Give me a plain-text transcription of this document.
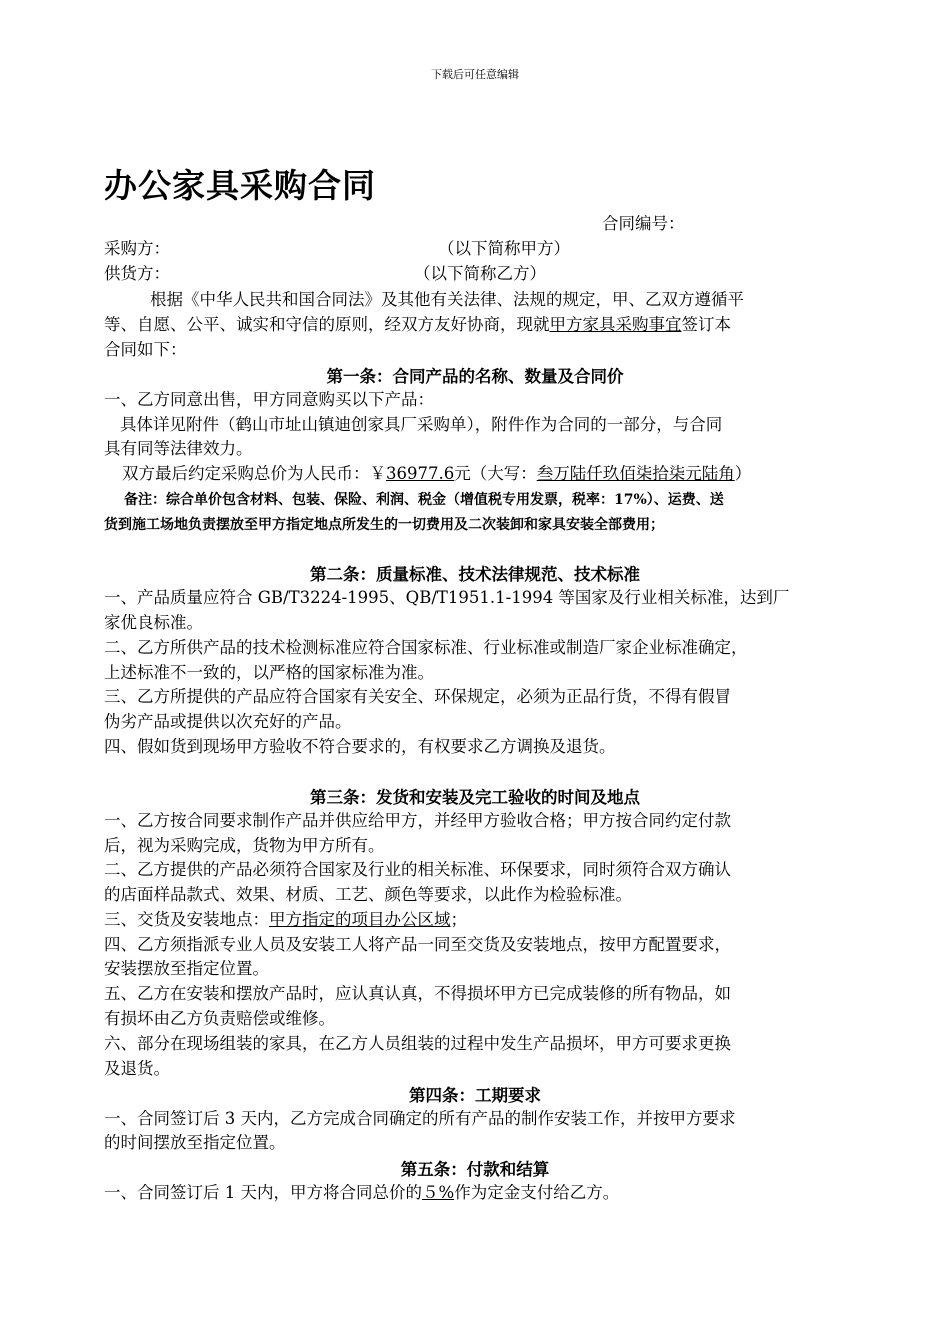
下载后可任意编辑
办公家具采购合同
合同编号：
采购方：	（以下简称甲方）
供货方：	（以下简称乙方）
根据《中华人民共和国合同法》及其他有关法律、法规的规定，甲、乙双方遵循平
等、自愿、公平、诚实和守信的原则，经双方友好协商，现就甲方家具采购事宜签订本
合同如下：
第一条：合同产品的名称、数量及合同价
一、乙方同意出售，甲方同意购买以下产品：
具体详见附件（鹤山市址山镇迪创家具厂采购单），附件作为合同的一部分，与合同
具有同等法律效力。
双方最后约定采购总价为人民币：￥36977.6元（大写：叁万陆仟玖佰柒拾柒元陆角）
备注：综合单价包含材料、包装、保险、利润、税金（增值税专用发票，税率：17%）、运费、送
货到施工场地负责摆放至甲方指定地点所发生的一切费用及二次装卸和家具安装全部费用；
第二条：质量标准、技术法律规范、技术标准
一、产品质量应符合 GB/T3224-1995、QB/T1951.1-1994 等国家及行业相关标准，达到厂
家优良标准。
二、乙方所供产品的技术检测标准应符合国家标准、行业标准或制造厂家企业标准确定，
上述标准不一致的，以严格的国家标准为准。
三、乙方所提供的产品应符合国家有关安全、环保规定，必须为正品行货，不得有假冒
伪劣产品或提供以次充好的产品。
四、假如货到现场甲方验收不符合要求的，有权要求乙方调换及退货。
第三条：发货和安装及完工验收的时间及地点
一、乙方按合同要求制作产品并供应给甲方，并经甲方验收合格；甲方按合同约定付款
后，视为采购完成，货物为甲方所有。
二、乙方提供的产品必须符合国家及行业的相关标准、环保要求，同时须符合双方确认
的店面样品款式、效果、材质、工艺、颜色等要求，以此作为检验标准。
三、交货及安装地点：甲方指定的项目办公区域；
四、乙方须指派专业人员及安装工人将产品一同至交货及安装地点，按甲方配置要求，
安装摆放至指定位置。
五、乙方在安装和摆放产品时，应认真认真，不得损坏甲方已完成装修的所有物品，如
有损坏由乙方负责赔偿或维修。
六、部分在现场组装的家具，在乙方人员组装的过程中发生产品损坏，甲方可要求更换
及退货。
第四条：工期要求
一、合同签订后 3 天内，乙方完成合同确定的所有产品的制作安装工作，并按甲方要求
的时间摆放至指定位置。
第五条：付款和结算
一、合同签订后 1 天内，甲方将合同总价的５%作为定金支付给乙方。
